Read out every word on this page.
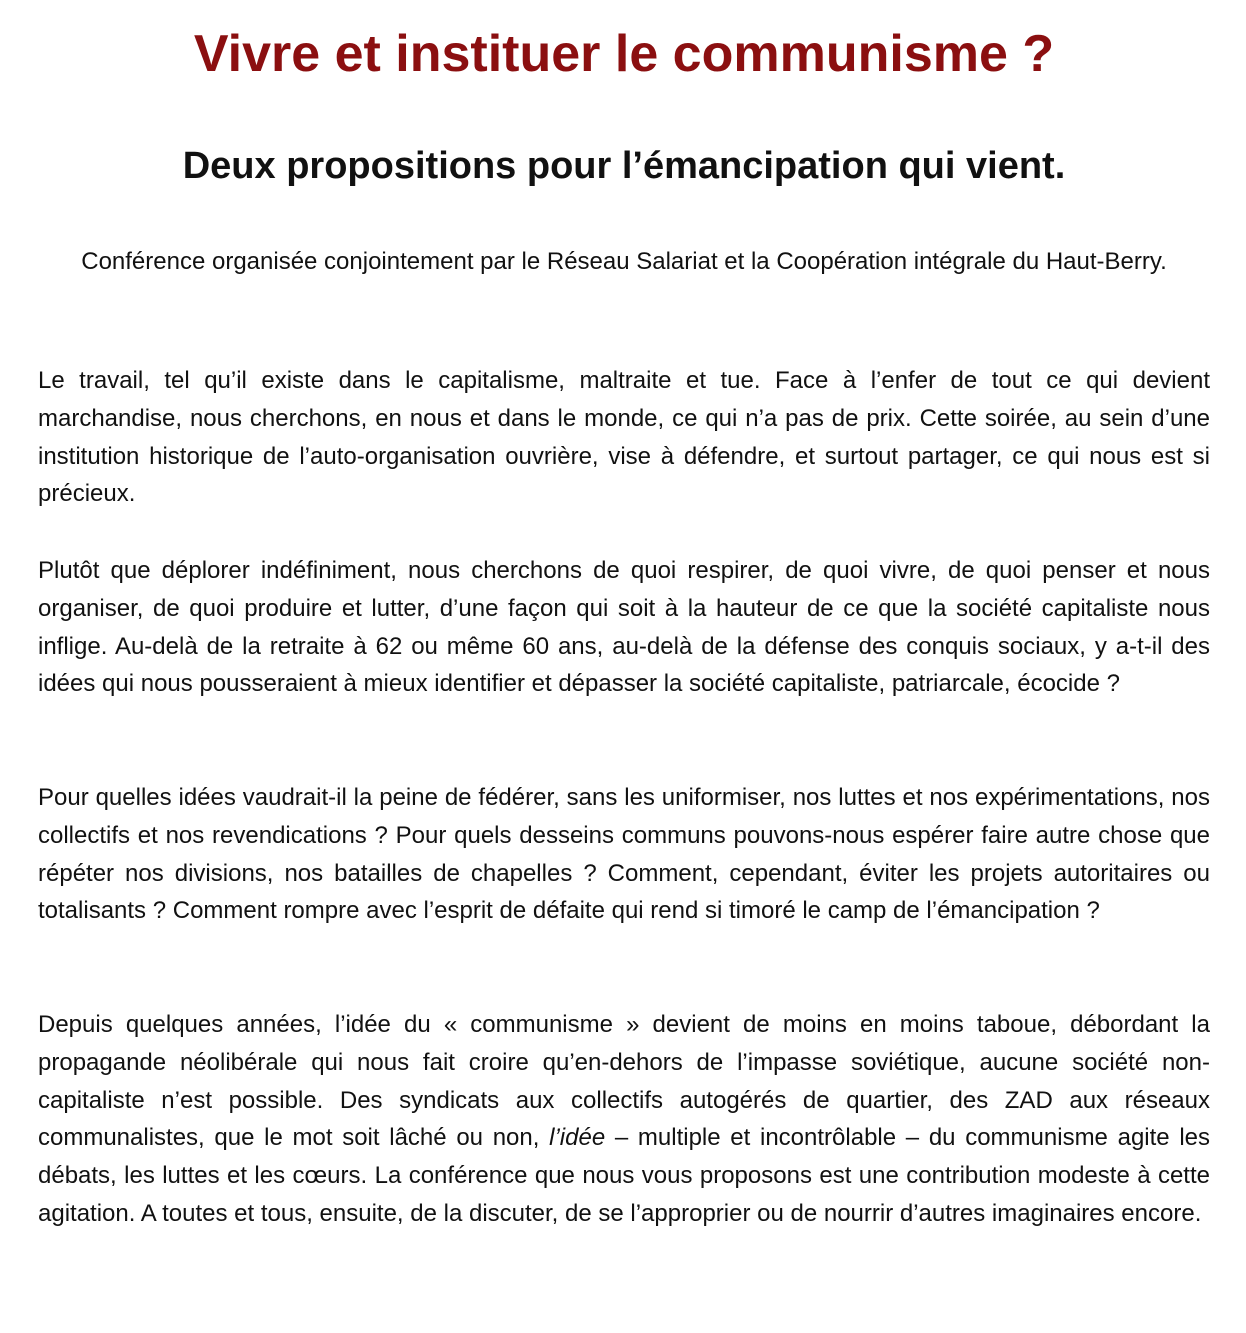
Vivre et instituer le communisme ?
Deux propositions pour l’émancipation qui vient.
Conférence organisée conjointement par le Réseau Salariat et la Coopération intégrale du Haut-Berry.

Le travail, tel qu’il existe dans le capitalisme, maltraite et tue. Face à l’enfer de tout ce qui devient marchandise, nous cherchons, en nous et dans le monde, ce qui n’a pas de prix. Cette soirée, au sein d’une institution historique de l’auto-organisation ouvrière, vise à défendre, et surtout partager, ce qui nous est si précieux.

Plutôt que déplorer indéfiniment, nous cherchons de quoi respirer, de quoi vivre, de quoi penser et nous organiser, de quoi produire et lutter, d’une façon qui soit à la hauteur de ce que la société capitaliste nous inflige. Au-delà de la retraite à 62 ou même 60 ans, au-delà de la défense des conquis sociaux, y a-t-il des idées qui nous pousseraient à mieux identifier et dépasser la société capitaliste, patriarcale, écocide ?

Pour quelles idées vaudrait-il la peine de fédérer, sans les uniformiser, nos luttes et nos expérimentations, nos collectifs et nos revendications ? Pour quels desseins communs pouvons-nous espérer faire autre chose que répéter nos divisions, nos batailles de chapelles ? Comment, cependant, éviter les projets autoritaires ou totalisants ? Comment rompre avec l’esprit de défaite qui rend si timoré le camp de l’émancipation ?

Depuis quelques années, l’idée du « communisme » devient de moins en moins taboue, débordant la propagande néolibérale qui nous fait croire qu’en-dehors de l’impasse soviétique, aucune société non-capitaliste n’est possible. Des syndicats aux collectifs autogérés de quartier, des ZAD aux réseaux communalistes, que le mot soit lâché ou non, l’idée – multiple et incontrôlable – du communisme agite les débats, les luttes et les cœurs. La conférence que nous vous proposons est une contribution modeste à cette agitation. A toutes et tous, ensuite, de la discuter, de se l’approprier ou de nourrir d’autres imaginaires encore.
